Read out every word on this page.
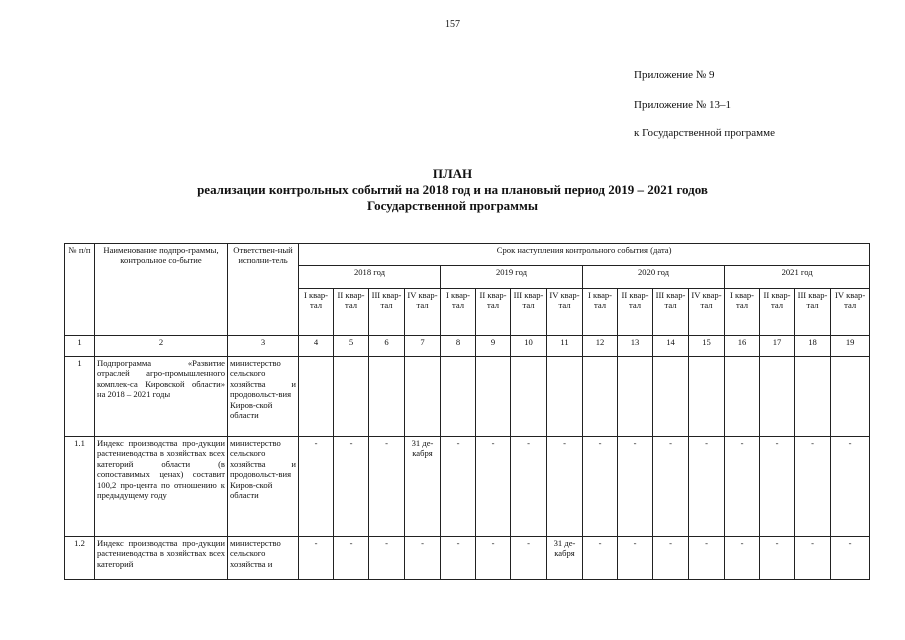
157
Приложение № 9
Приложение № 13–1
к Государственной программе
ПЛАН
реализации контрольных событий на 2018 год и на плановый период 2019 – 2021 годов
Государственной программы
№ п/п	Наименование подпро-граммы, контрольное со-бытие	Ответствен-ный исполни-тель	Срок наступления контрольного события (дата)															
			2018 год				2019 год				2020 год				2021 год			
			I квар-тал	II квар-тал	III квар-тал	IV квар-тал	I квар-тал	II квар-тал	III квар-тал	IV квар-тал	I квар-тал	II квар-тал	III квар-тал	IV квар-тал	I квар-тал	II квар-тал	III квар-тал	IV квар-тал
1	2	3	4	5	6	7	8	9	10	11	12	13	14	15	16	17	18	19
1	Подпрограмма «Развитие отраслей агро-промышленного комплек-са Кировской области» на 2018 – 2021 годы	министерство сельского хозяйства и продовольст-вия Киров-ской области																
1.1	Индекс производства про-дукции растениеводства в хозяйствах всех категорий области (в сопоставимых ценах) составит 100,2 про-цента по отношению к предыдущему году	министерство сельского хозяйства и продовольст-вия Киров-ской области	-	-	-	31 де-кабря	-	-	-	-	-	-	-	-	-	-	-	-
1.2	Индекс производства про-дукции растениеводства в хозяйствах всех категорий	министерство сельского хозяйства и	-	-	-	-	-	-	-	31 де-кабря	-	-	-	-	-	-	-	-
